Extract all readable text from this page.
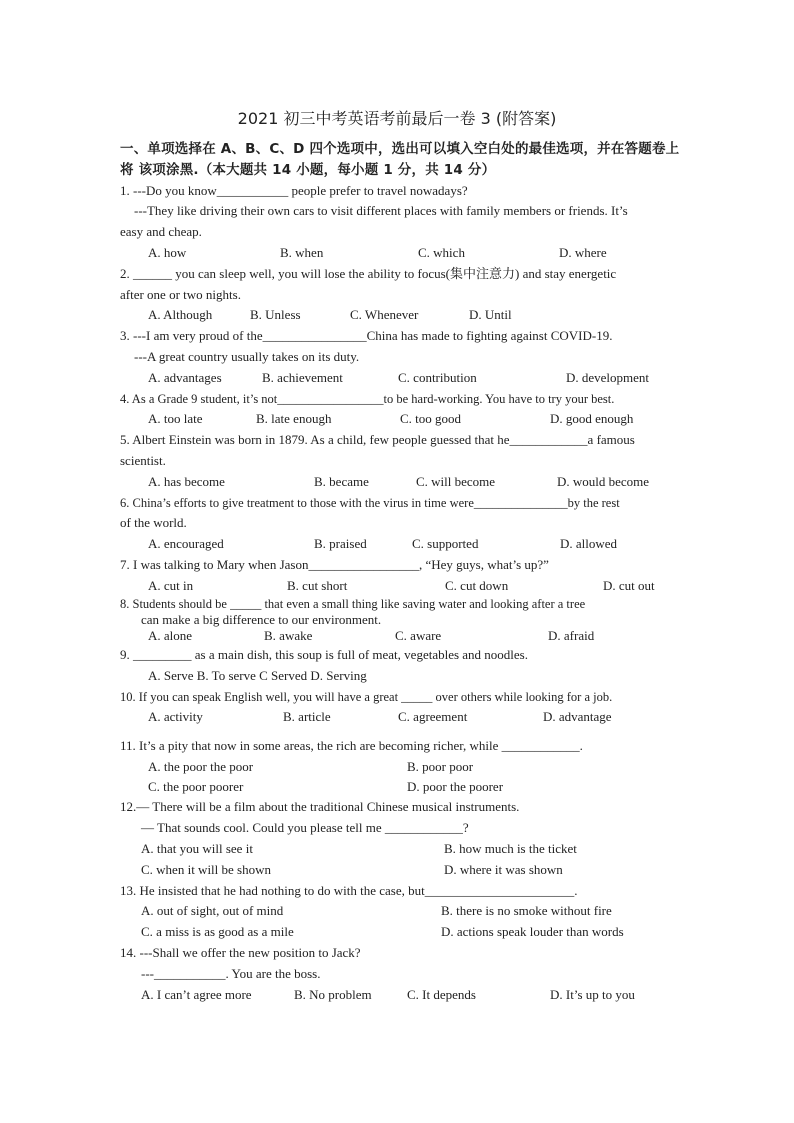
2021 初三中考英语考前最后一卷 3 (附答案)
一、单项选择在 A、B、C、D 四个选项中，选出可以填入空白处的最佳选项，并在答题卷上将 该项涂黑.（本大题共 14 小题，每小题 1 分，共 14 分）
1. ---Do you know___________ people prefer to travel nowadays?
---They like driving their own cars to visit different places with family members or friends. It’s
easy and cheap.
A. how	B. when	C. which	D. where
2. ______ you can sleep well, you will lose the ability to focus(集中注意力) and stay energetic
after one or two nights.
A. Although	B. Unless	C. Whenever	D. Until
3. ---I am very proud of the________________China has made to fighting against COVID-19.
---A great country usually takes on its duty.
A. advantages	B. achievement	C. contribution	D. development
4. As a Grade 9 student, it’s not_________________to be hard-working. You have to try your best.
A. too late	B. late enough	C. too good	D. good enough
5. Albert Einstein was born in 1879. As a child, few people guessed that he____________a famous
scientist.
A. has become	B. became	C. will become	D. would become
6. China’s efforts to give treatment to those with the virus in time were_______________by the rest
of the world.
A. encouraged	B. praised	C. supported	D. allowed
7. I was talking to Mary when Jason_________________, “Hey guys, what’s up?”
A. cut in	B. cut short	C. cut down	D. cut out
8. Students should be _____ that even a small thing like saving water and looking after a tree
can make a big difference to our environment.
A. alone	B. awake	C. aware	D. afraid
9. _________ as a main dish, this soup is full of meat, vegetables and noodles.
A. Serve B. To serve C Served D. Serving
10. If you can speak English well, you will have a great _____ over others while looking for a job.
A. activity	B. article	C. agreement	D. advantage
11. It’s a pity that now in some areas, the rich are becoming richer, while ____________.
A. the poor the poor	B. poor poor
C. the poor poorer	D. poor the poorer
12.— There will be a film about the traditional Chinese musical instruments.
— That sounds cool. Could you please tell me ____________?
A. that you will see it	B. how much is the ticket
C. when it will be shown	D. where it was shown
13. He insisted that he had nothing to do with the case, but_______________________.
A. out of sight, out of mind	B. there is no smoke without fire
C. a miss is as good as a mile	D. actions speak louder than words
14. ---Shall we offer the new position to Jack?
---___________. You are the boss.
A. I can’t agree more	B. No problem	C. It depends	D. It’s up to you
